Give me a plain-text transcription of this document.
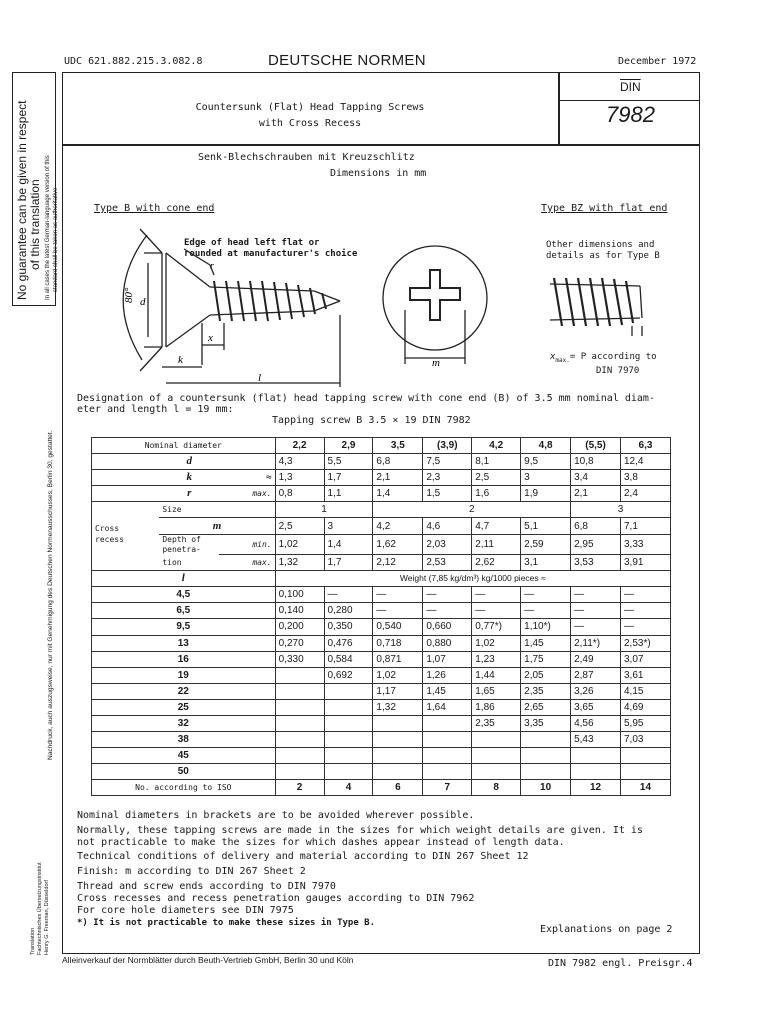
UDC 621.882.215.3.082.8	DEUTSCHE NORMEN	December 1972
No guarantee can be given in respect of this translation In all cases the latest German-language version of this standard shall be taken as authoritative
Nachdruck, auch auszugsweise, nur mit Genehmigung des Deutschen Normenausschusses, Berlin 30, gestattet.
Translation Fachtechnisches Übersetzungsinstitut Henry G. Freeman, Düsseldorf
Countersunk (Flat) Head Tapping Screws
with Cross Recess
$\overline{DIN}$
7982
Senk-Blechschrauben mit Kreuzschlitz
Dimensions in mm
Type B with cone end	Type BZ with flat end
Edge of head left flat or
rounded at manufacturer's choice
Other dimensions and
details as for Type B
$x_{max.}= P$ according to
DIN 7970
80° d
x
k
l
r
m
Designation of a countersunk (flat) head tapping screw with cone end (B) of 3.5 mm nominal diam-
eter and length l = 19 mm:
Tapping screw B 3.5 × 19 DIN 7982
Nominal diameter			2,2	2,9	3,5	(3,9)	4,2	4,8	(5,5)	6,3
	d		4,3	5,5	6,8	7,5	8,1	9,5	10,8	12,4
	k	≈	1,3	1,7	2,1	2,3	2,5	3	3,4	3,8
	r	max.	0,8	1,1	1,4	1,5	1,6	1,9	2,1	2,4
	Size		1		2				3	
Cross	m		2,5	3	4,2	4,6	4,7	5,1	6,8	7,1
recess	Depth of
penetra-	min.	1,02	1,4	1,62	2,03	2,11	2,59	2,95	3,33
	tion	max.	1,32	1,7	2,12	2,53	2,62	3,1	3,53	3,91
l			Weight (7,85 kg/dm³) kg/1000 pieces ≈							
4,5			0,100	—	—	—	—	—	—	—
6,5			0,140	0,280	—	—	—	—	—	—
9,5			0,200	0,350	0,540	0,660	0,77*)	1,10*)	—	—
13			0,270	0,476	0,718	0,880	1,02	1,45	2,11*)	2,53*)
16			0,330	0,584	0,871	1,07	1,23	1,75	2,49	3,07
19				0,692	1,02	1,26	1,44	2,05	2,87	3,61
22					1,17	1,45	1,65	2,35	3,26	4,15
25					1,32	1,64	1,86	2,65	3,65	4,69
32							2,35	3,35	4,56	5,95
38									5,43	7,03
45										
50										
No. according to ISO			2	4	6	7	8	10	12	14
Nominal diameters in brackets are to be avoided wherever possible.
Normally, these tapping screws are made in the sizes for which weight details are given. It is
not practicable to make the sizes for which dashes appear instead of length data.
Technical conditions of delivery and material according to DIN 267 Sheet 12
Finish: m according to DIN 267 Sheet 2
Thread and screw ends according to DIN 7970
Cross recesses and recess penetration gauges according to DIN 7962
For core hole diameters see DIN 7975
*) It is not practicable to make these sizes in Type B.
Explanations on page 2
Alleinverkauf der Normblätter durch Beuth-Vertrieb GmbH, Berlin 30 und Köln	DIN 7982 engl. Preisgr.4
